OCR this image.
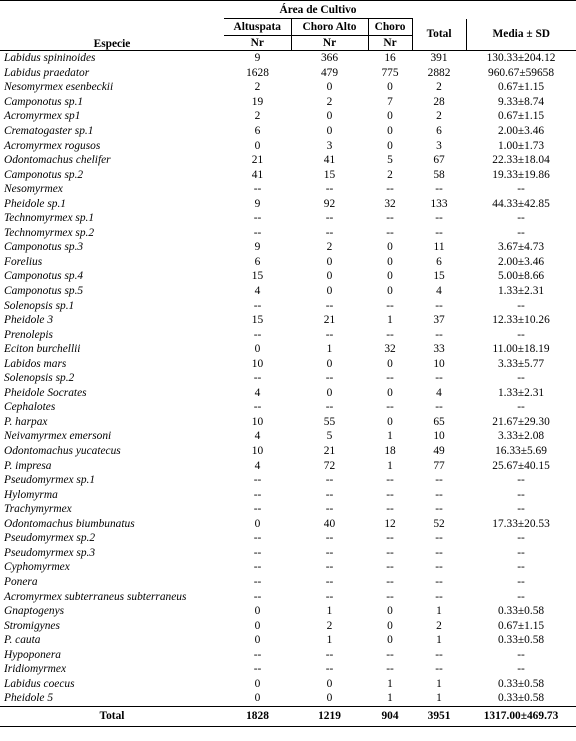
	Área de Cultivo				
Especie	Altuspata	Choro Alto	Choro	Total	Media ± SD
	Nr	Nr	Nr		
Labidus spininoides	9	366	16	391	130.33±204.12
Labidus praedator	1628	479	775	2882	960.67±59658
Nesomyrmex esenbeckii	2	0	0	2	0.67±1.15
Camponotus sp.1	19	2	7	28	9.33±8.74
Acromyrmex sp1	2	0	0	2	0.67±1.15
Crematogaster sp.1	6	0	0	6	2.00±3.46
Acromyrmex rogusos	0	3	0	3	1.00±1.73
Odontomachus chelifer	21	41	5	67	22.33±18.04
Camponotus sp.2	41	15	2	58	19.33±19.86
Nesomyrmex	--	--	--	--	--
Pheidole sp.1	9	92	32	133	44.33±42.85
Technomyrmex sp.1	--	--	--	--	--
Technomyrmex sp.2	--	--	--	--	--
Camponotus sp.3	9	2	0	11	3.67±4.73
Forelius	6	0	0	6	2.00±3.46
Camponotus sp.4	15	0	0	15	5.00±8.66
Camponotus sp.5	4	0	0	4	1.33±2.31
Solenopsis sp.1	--	--	--	--	--
Pheidole 3	15	21	1	37	12.33±10.26
Prenolepis	--	--	--	--	--
Eciton burchellii	0	1	32	33	11.00±18.19
Labidos mars	10	0	0	10	3.33±5.77
Solenopsis sp.2	--	--	--	--	--
Pheidole Socrates	4	0	0	4	1.33±2.31
Cephalotes	--	--	--	--	--
P. harpax	10	55	0	65	21.67±29.30
Neivamyrmex emersoni	4	5	1	10	3.33±2.08
Odontomachus yucatecus	10	21	18	49	16.33±5.69
P. impresa	4	72	1	77	25.67±40.15
Pseudomyrmex sp.1	--	--	--	--	--
Hylomyrma	--	--	--	--	--
Trachymyrmex	--	--	--	--	--
Odontomachus biumbunatus	0	40	12	52	17.33±20.53
Pseudomyrmex sp.2	--	--	--	--	--
Pseudomyrmex sp.3	--	--	--	--	--
Cyphomyrmex	--	--	--	--	--
Ponera	--	--	--	--	--
Acromyrmex subterraneus subterraneus	--	--	--	--	--
Gnaptogenys	0	1	0	1	0.33±0.58
Stromigynes	0	2	0	2	0.67±1.15
P. cauta	0	1	0	1	0.33±0.58
Hypoponera	--	--	--	--	--
Iridiomyrmex	--	--	--	--	--
Labidus coecus	0	0	1	1	0.33±0.58
Pheidole 5	0	0	1	1	0.33±0.58
Total	1828	1219	904	3951	1317.00±469.73
